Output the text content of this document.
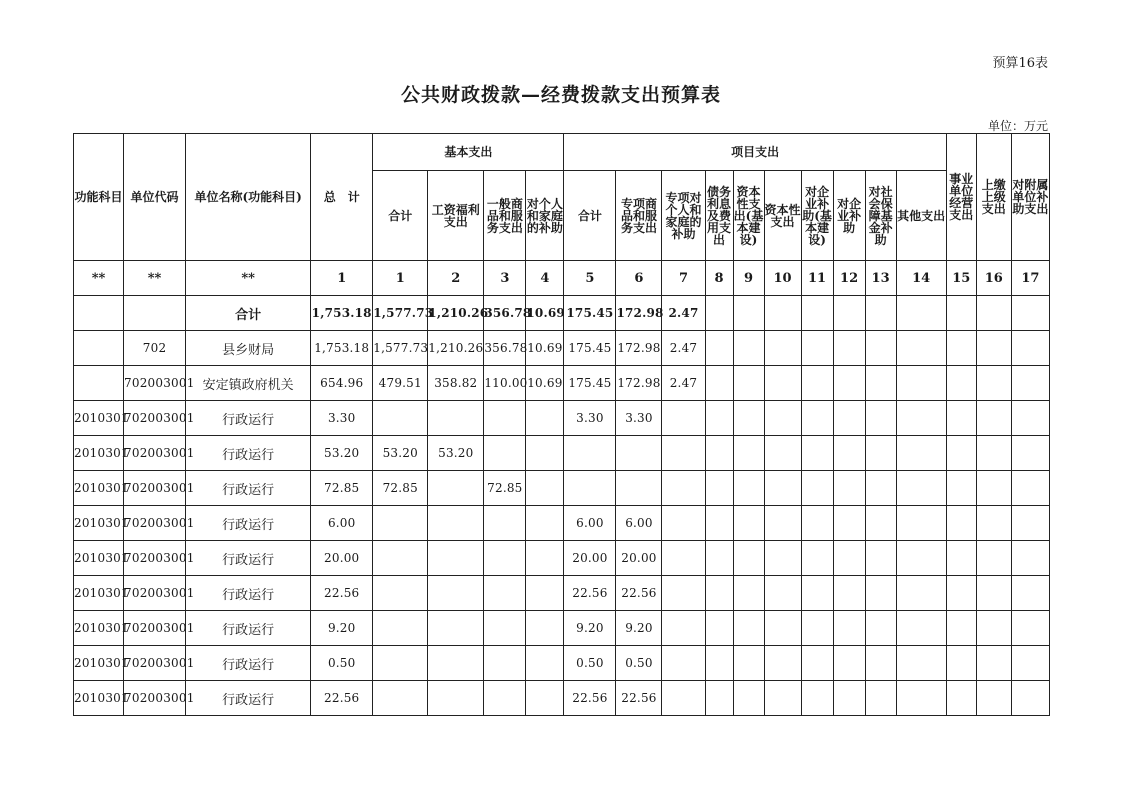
预算16表
公共财政拨款—经费拨款支出预算表
单位：万元
功能科目	单位代码	单位名称(功能科目)	总　计	基本支出				项目支出										事业单位经营支出	上缴上级支出	对附属单位补助支出
				合计	工资福利支出	一般商品和服务支出	对个人和家庭的补助	合计	专项商品和服务支出	专项对个人和家庭的补助	债务利息及费用支出	资本性支出(基本建设)	资本性支出	对企业补助(基本建设)	对企业补助	对社会保障基金补助	其他支出			
**	**	**	1	1	2	3	4	5	6	7	8	9	10	11	12	13	14	15	16	17
		合计	1,753.18	1,577.73	1,210.26	356.78	10.69	175.45	172.98	2.47										
	702	县乡财局	1,753.18	1,577.73	1,210.26	356.78	10.69	175.45	172.98	2.47										
	702003001	安定镇政府机关	654.96	479.51	358.82	110.00	10.69	175.45	172.98	2.47										
2010301	702003001	行政运行	3.30					3.30	3.30											
2010301	702003001	行政运行	53.20	53.20	53.20															
2010301	702003001	行政运行	72.85	72.85		72.85														
2010301	702003001	行政运行	6.00					6.00	6.00											
2010301	702003001	行政运行	20.00					20.00	20.00											
2010301	702003001	行政运行	22.56					22.56	22.56											
2010301	702003001	行政运行	9.20					9.20	9.20											
2010301	702003001	行政运行	0.50					0.50	0.50											
2010301	702003001	行政运行	22.56					22.56	22.56											
